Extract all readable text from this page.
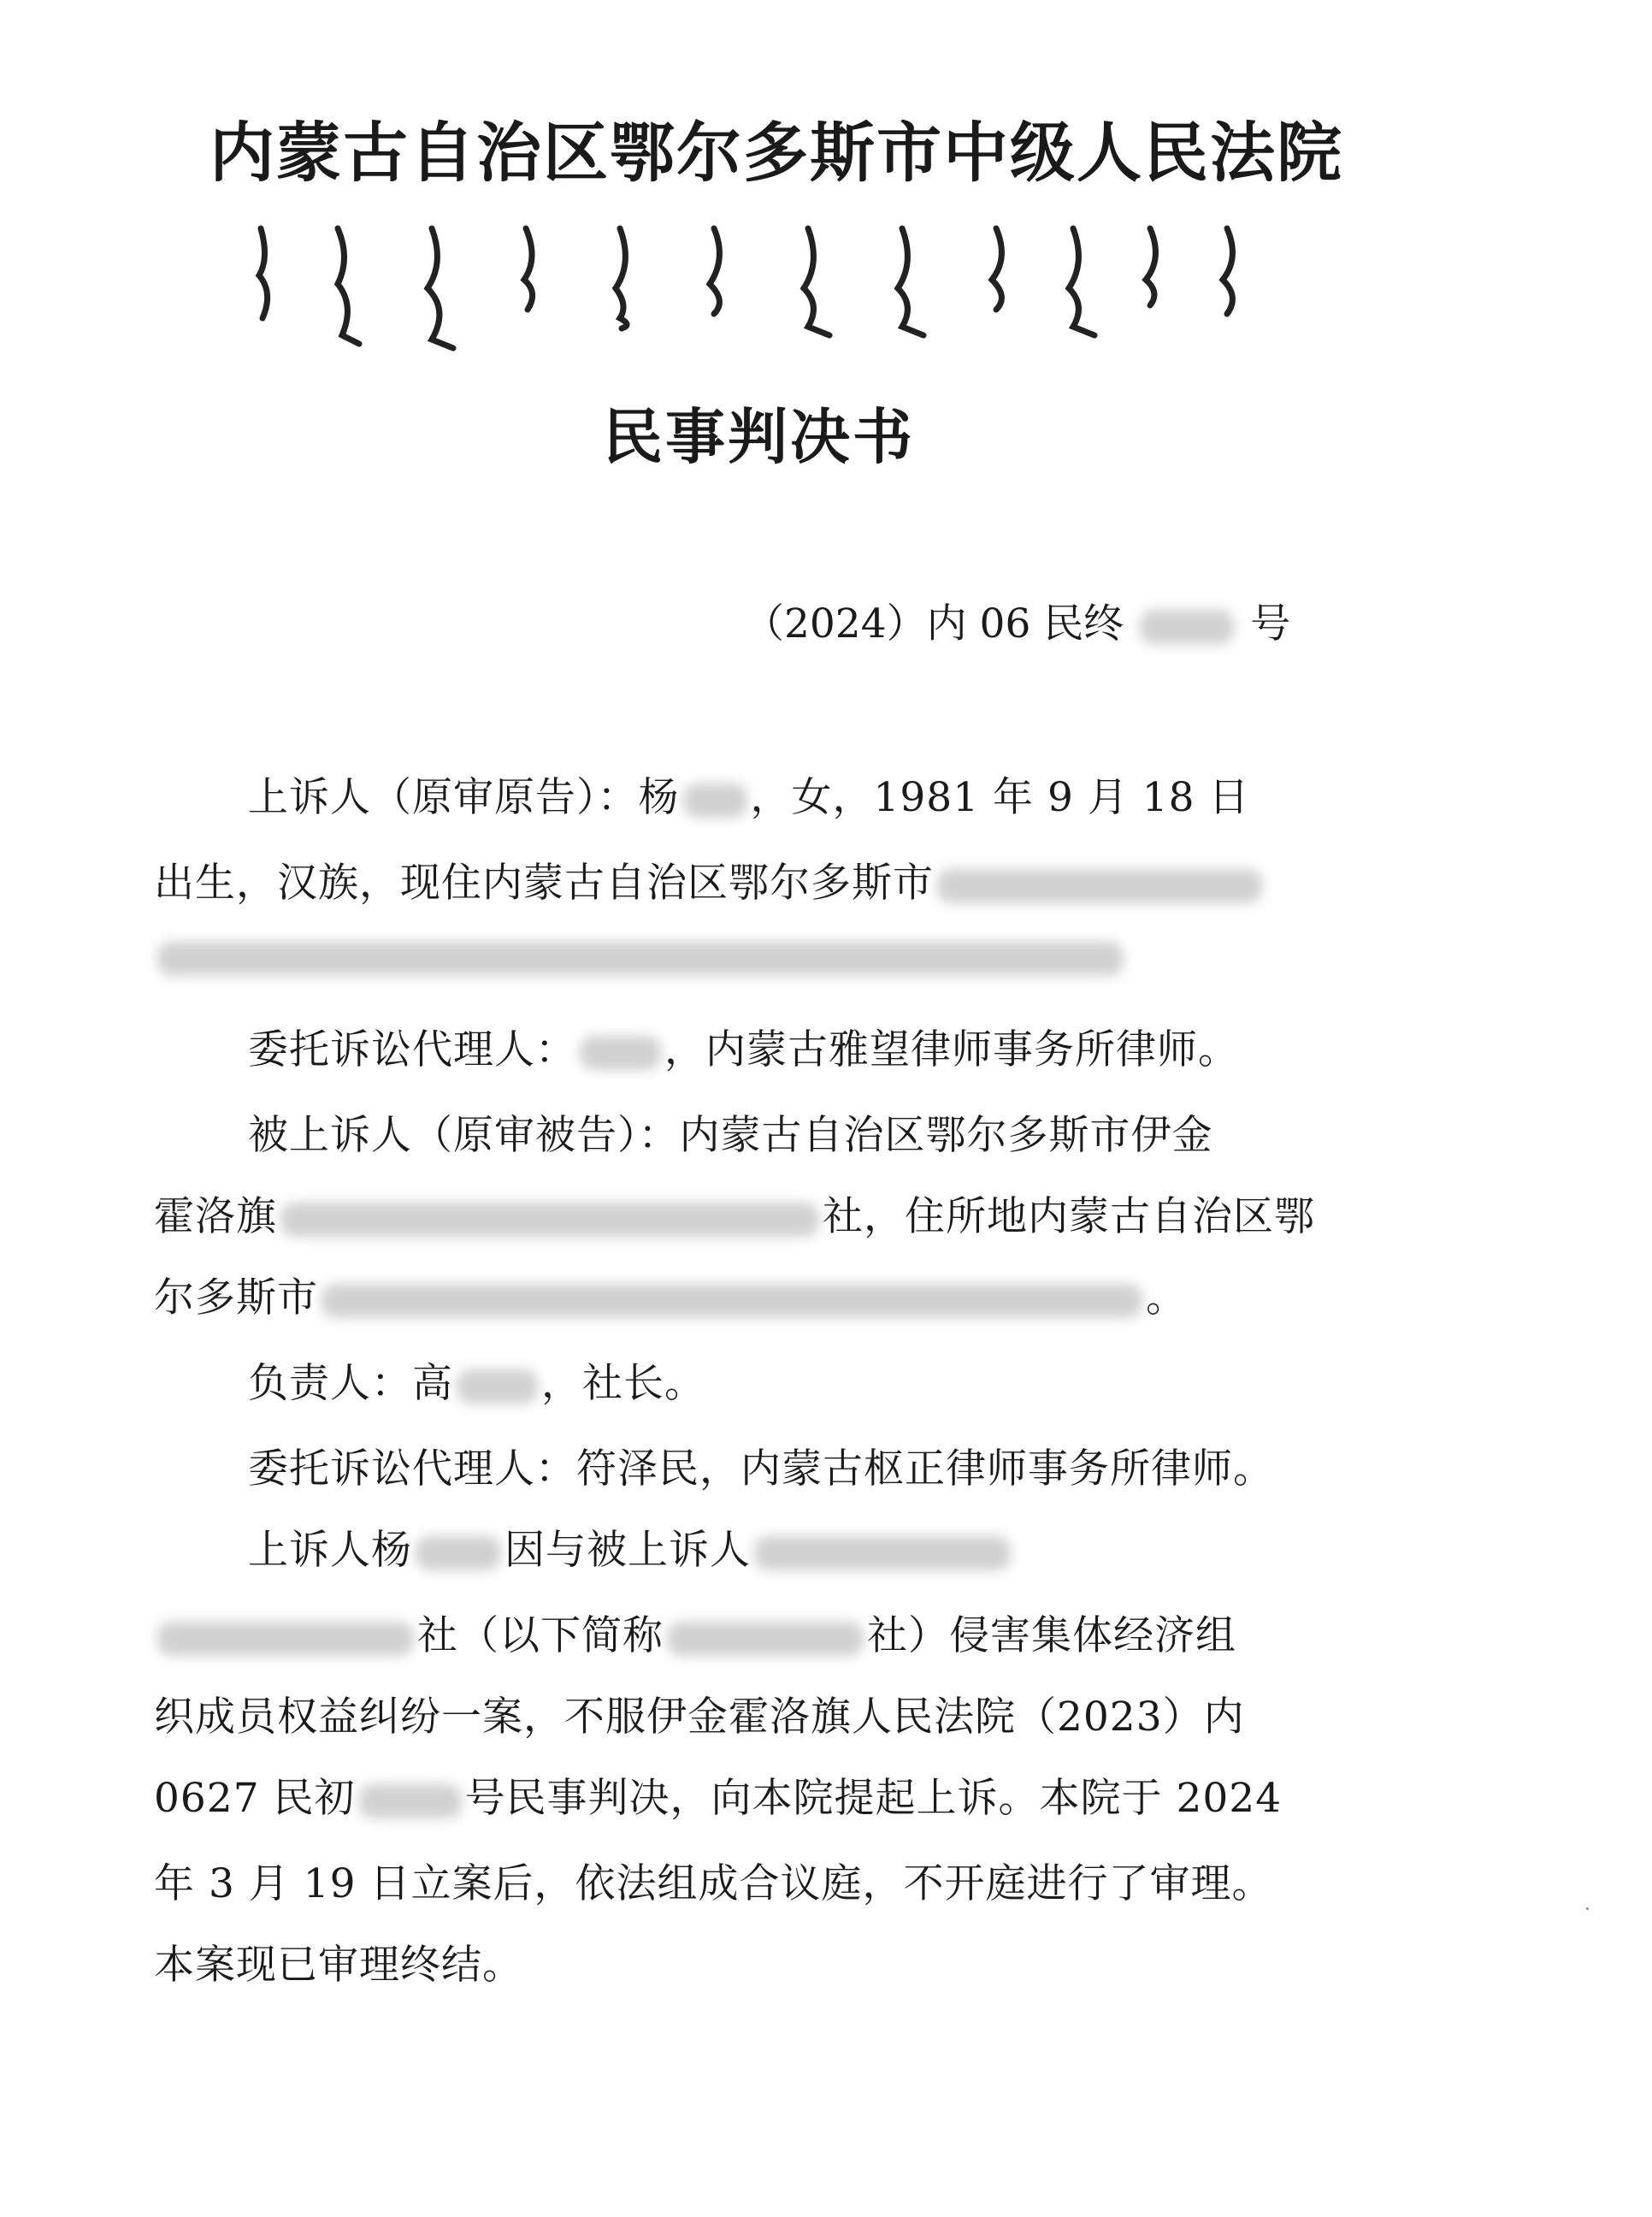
内蒙古自治区鄂尔多斯市中级人民法院
民事判决书
（2024）内 06 民终	号
上诉人（原审原告）：杨 ，女，1981 年 9 月 18 日
出生，汉族，现住内蒙古自治区鄂尔多斯市
委托诉讼代理人： ，内蒙古雅望律师事务所律师。
被上诉人（原审被告）：内蒙古自治区鄂尔多斯市伊金
霍洛旗	社，住所地内蒙古自治区鄂
尔多斯市	。
负责人：高 ，社长。
委托诉讼代理人：符泽民，内蒙古枢正律师事务所律师。
上诉人杨 因与被上诉人
社（以下简称	社）侵害集体经济组
织成员权益纠纷一案，不服伊金霍洛旗人民法院（2023）内
0627 民初	号民事判决，向本院提起上诉。本院于 2024
年 3 月 19 日立案后，依法组成合议庭，不开庭进行了审理。
本案现已审理终结。
